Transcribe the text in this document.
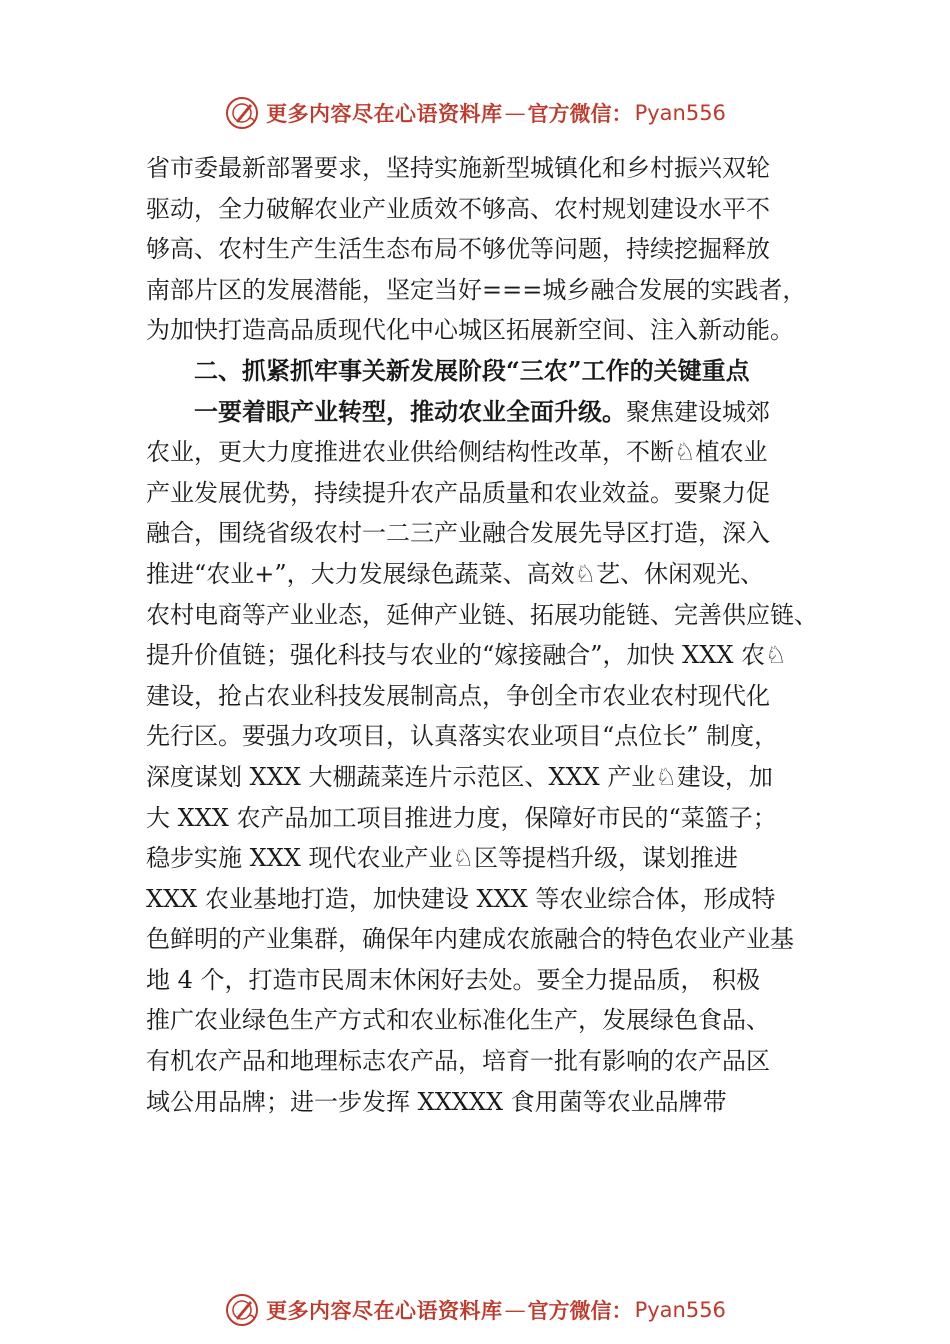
更多内容尽在心语资料库 — 官方微信： Pyan556
省市委最新部署要求，坚持实施新型城镇化和乡村振兴双轮
驱动，全力破解农业产业质效不够高、农村规划建设水平不
够高、农村生产生活生态布局不够优等问题，持续挖掘释放
南部片区的发展潜能，坚定当好===城乡融合发展的实践者，
为加快打造高品质现代化中心城区拓展新空间、注入新动能。
二、抓紧抓牢事关新发展阶段“三农”工作的关键重点
一要着眼产业转型，推动农业全面升级。聚焦建设城郊
农业，更大力度推进农业供给侧结构性改革，不断♘植农业
产业发展优势，持续提升农产品质量和农业效益。要聚力促
融合，围绕省级农村一二三产业融合发展先导区打造，深入
推进“农业+”，大力发展绿色蔬菜、高效♘艺、休闲观光、
农村电商等产业业态，延伸产业链、拓展功能链、完善供应链、
提升价值链；强化科技与农业的“嫁接融合”，加快 XXX 农♘
建设，抢占农业科技发展制高点，争创全市农业农村现代化
先行区。要强力攻项目，认真落实农业项目“点位长” 制度，
深度谋划 XXX 大棚蔬菜连片示范区、XXX 产业♘建设，加
大 XXX 农产品加工项目推进力度，保障好市民的“菜篮子；
稳步实施 XXX 现代农业产业♘区等提档升级，谋划推进
XXX 农业基地打造，加快建设 XXX 等农业综合体，形成特
色鲜明的产业集群，确保年内建成农旅融合的特色农业产业基
地 4 个，打造市民周末休闲好去处。要全力提品质， 积极
推广农业绿色生产方式和农业标准化生产，发展绿色食品、
有机农产品和地理标志农产品，培育一批有影响的农产品区
域公用品牌；进一步发挥 XXXXX 食用菌等农业品牌带
更多内容尽在心语资料库 — 官方微信： Pyan556
